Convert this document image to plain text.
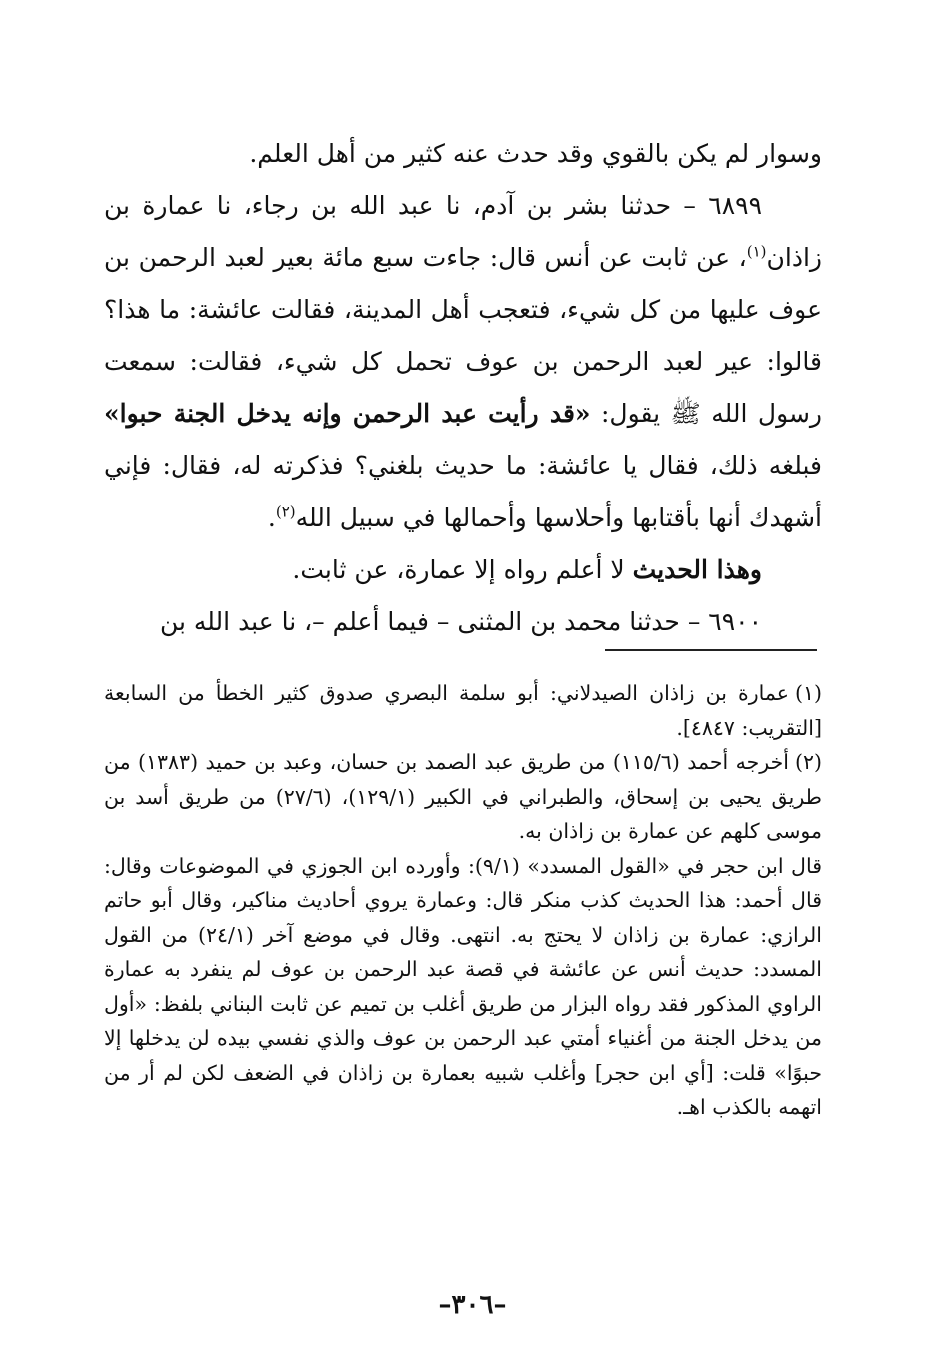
وسوار لم يكن بالقوي وقد حدث عنه كثير من أهل العلم.

٦٨٩٩ – حدثنا بشر بن آدم، نا عبد الله بن رجاء، نا عمارة بن زاذان$^{(١)}$، عن ثابت عن أنس قال: جاءت سبع مائة بعير لعبد الرحمن بن عوف عليها من كل شيء، فتعجب أهل المدينة، فقالت عائشة: ما هذا؟ قالوا: عير لعبد الرحمن بن عوف تحمل كل شيء، فقالت: سمعت رسول الله ﷺ يقول: «قد رأيت عبد الرحمن وإنه يدخل الجنة حبوا» فبلغه ذلك، فقال يا عائشة: ما حديث بلغني؟ فذكرته له، فقال: فإني أشهدك أنها بأقتابها وأحلاسها وأحمالها في سبيل الله$^{(٢)}$.

وهذا الحديث لا أعلم رواه إلا عمارة، عن ثابت.

٦٩٠٠ – حدثنا محمد بن المثنى – فيما أعلم –، نا عبد الله بن

(١)عمارة بن زاذان الصيدلاني: أبو سلمة البصري صدوق كثير الخطأ من السابعة [التقريب: ٤٨٤٧].

(٢)أخرجه أحمد (١١٥/٦) من طريق عبد الصمد بن حسان، وعبد بن حميد (١٣٨٣) من طريق يحيى بن إسحاق، والطبراني في الكبير (١٢٩/١)، (٢٧/٦) من طريق أسد بن موسى كلهم عن عمارة بن زاذان به.

قال ابن حجر في «القول المسدد» (٩/١): وأورده ابن الجوزي في الموضوعات وقال: قال أحمد: هذا الحديث كذب منكر قال: وعمارة يروي أحاديث مناكير، وقال أبو حاتم الرازي: عمارة بن زاذان لا يحتج به. انتهى. وقال في موضع آخر (٢٤/١) من القول المسدد: حديث أنس عن عائشة في قصة عبد الرحمن بن عوف لم ينفرد به عمارة الراوي المذكور فقد رواه البزار من طريق أغلب بن تميم عن ثابت البناني بلفظ: «أول من يدخل الجنة من أغنياء أمتي عبد الرحمن بن عوف والذي نفسي بيده لن يدخلها إلا حبوًا» قلت: [أي ابن حجر] وأغلب شبيه بعمارة بن زاذان في الضعف لكن لم أر من اتهمه بالكذب اهـ.

–٣٠٦–
